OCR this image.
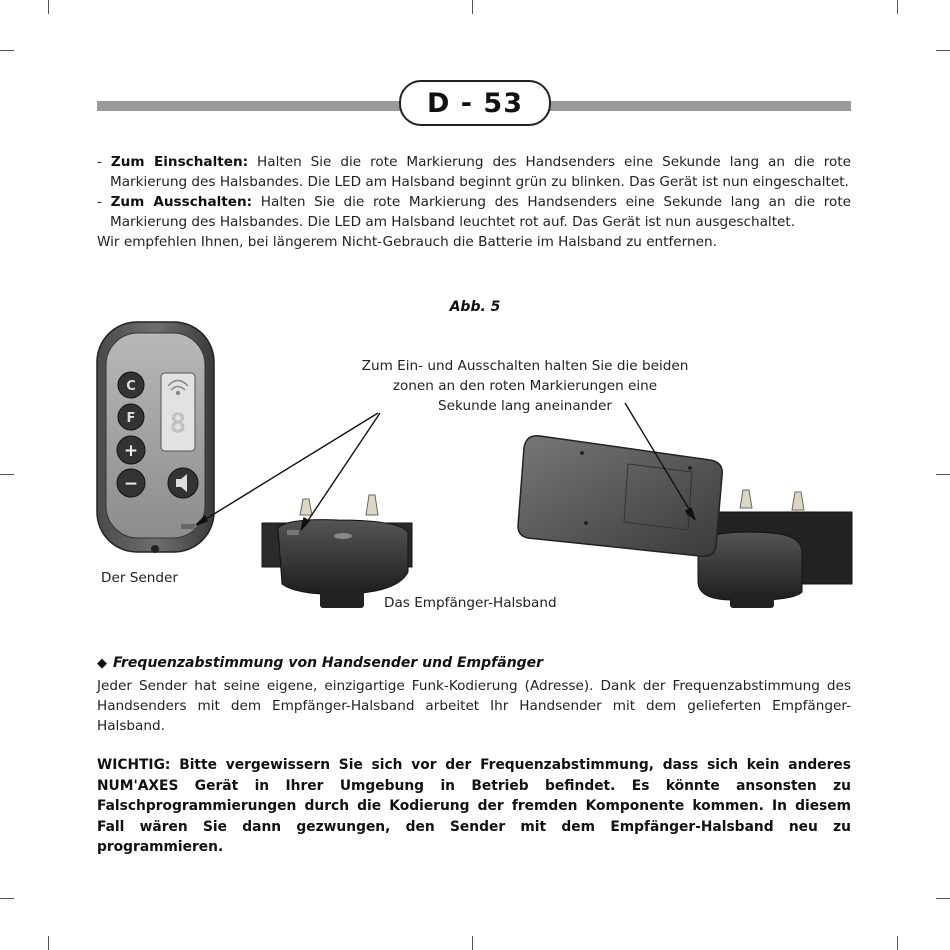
D - 53
- Zum Einschalten: Halten Sie die rote Markierung des Handsenders eine Sekunde lang an die rote Markierung des Halsbandes. Die LED am Halsband beginnt grün zu blinken. Das Gerät ist nun eingeschaltet.
- Zum Ausschalten: Halten Sie die rote Markierung des Handsenders eine Sekunde lang an die rote Markierung des Halsbandes. Die LED am Halsband leuchtet rot auf. Das Gerät ist nun ausgeschaltet.
Wir empfehlen Ihnen, bei längerem Nicht-Gebrauch die Batterie im Halsband zu entfernen.
Abb. 5
8
C
F
+
−
Zum Ein- und Ausschalten halten Sie die beiden
zonen an den roten Markierungen eine
Sekunde lang aneinander
Der Sender
Das Empfänger-Halsband
◆ Frequenzabstimmung von Handsender und Empfänger
Jeder Sender hat seine eigene, einzigartige Funk-Kodierung (Adresse). Dank der Frequenzabstimmung des Handsenders mit dem Empfänger-Halsband arbeitet Ihr Handsender mit dem gelieferten Empfänger-Halsband.
WICHTIG: Bitte vergewissern Sie sich vor der Frequenzabstimmung, dass sich kein anderes NUM'AXES Gerät in Ihrer Umgebung in Betrieb befindet. Es könnte ansonsten zu Falschprogrammierungen durch die Kodierung der fremden Komponente kommen. In diesem Fall wären Sie dann gezwungen, den Sender mit dem Empfänger-Halsband neu zu programmieren.
